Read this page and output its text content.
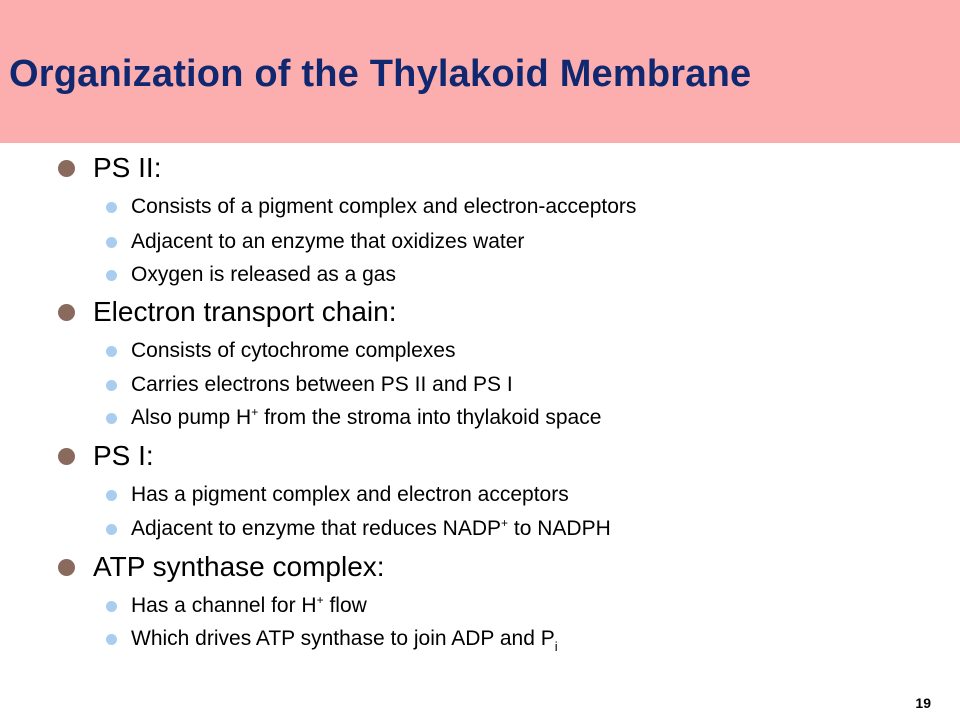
Organization of the Thylakoid Membrane
PS II:
Consists of a pigment complex and electron-acceptors
Adjacent to an enzyme that oxidizes water
Oxygen is released as a gas
Electron transport chain:
Consists of cytochrome complexes
Carries electrons between PS II and PS I
Also pump H+ from the stroma into thylakoid space
PS I:
Has a pigment complex and electron acceptors
Adjacent to enzyme that reduces NADP+ to NADPH
ATP synthase complex:
Has a channel for H+ flow
Which drives ATP synthase to join ADP and $P_i$
19
